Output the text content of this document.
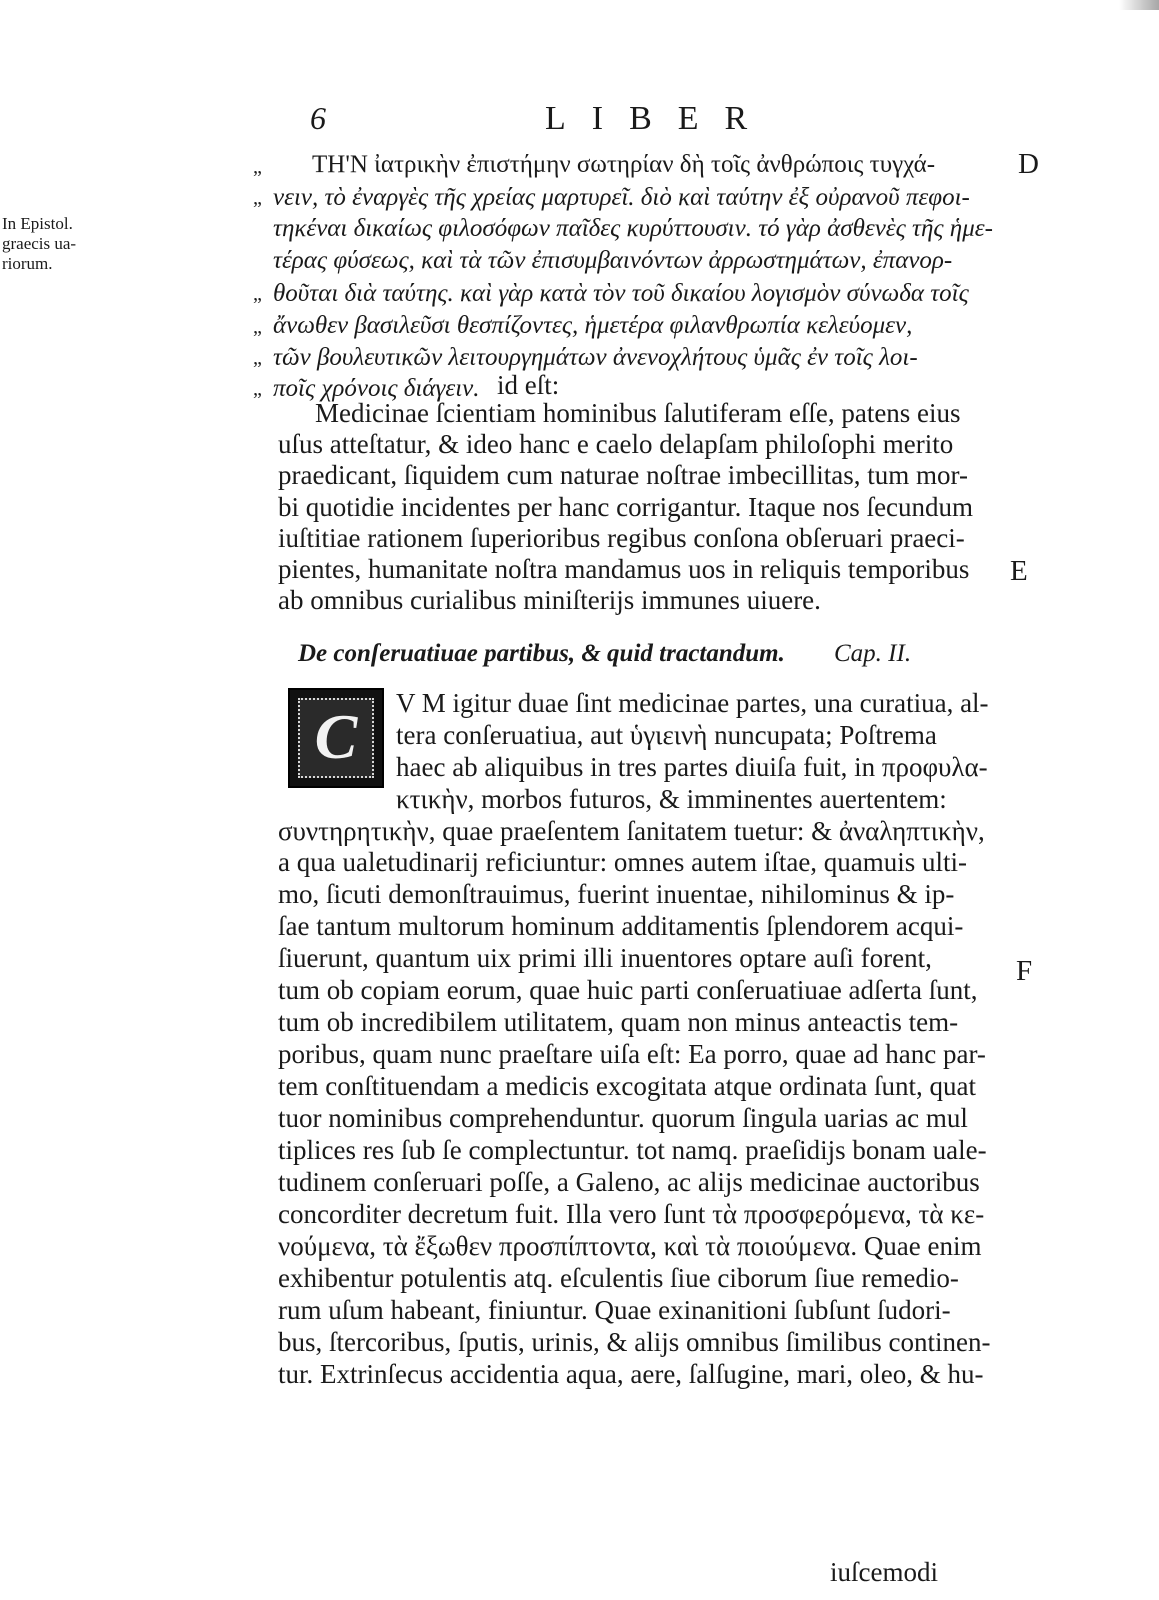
6	LIBER
ΤΗ'Ν ἰατρικὴν ἐπιστήμην σωτηρίαν δὴ τοῖς ἀνθρώποις τυγχά-
νειν, τὸ ἐναργὲς τῆς χρείας μαρτυρεῖ. διὸ καὶ ταύτην ἐξ οὐρανοῦ πεφοι-
τηκέναι δικαίως φιλοσόφων παῖδες κυρύττουσιν. τό γὰρ ἀσθενὲς τῆς ἡμε-
τέρας φύσεως, καὶ τὰ τῶν ἐπισυμβαινόντων ἀρρωστημάτων, ἐπανορ-
θοῦται διὰ ταύτης. καὶ γὰρ κατὰ τὸν τοῦ δικαίου λογισμὸν σύνωδα τοῖς
ἄνωθεν βασιλεῦσι θεσπίζοντες, ἡμετέρα φιλανθρωπία κελεύομεν,
τῶν βουλευτικῶν λειτουργημάτων ἀνενοχλήτους ὑμᾶς ἐν τοῖς λοι-
ποῖς χρόνοις διάγειν. id eſt:
„
„
„
„
„
„
In Epistol.
graecis ua-
riorum.
D
E
F
Medicinae ſcientiam hominibus ſalutiferam eſſe, patens eius
uſus atteſtatur, & ideo hanc e caelo delapſam philoſophi merito
praedicant, ſiquidem cum naturae noſtrae imbecillitas, tum mor-
bi quotidie incidentes per hanc corrigantur. Itaque nos ſecundum
iuſtitiae rationem ſuperioribus regibus conſona obſeruari praeci-
pientes, humanitate noſtra mandamus uos in reliquis temporibus
ab omnibus curialibus miniſterijs immunes uiuere.
De conſeruatiuae partibus, & quid tractandum. Cap. II.
C	V M igitur duae ſint medicinae partes, una curatiua, al-
tera conſeruatiua, aut ὑγιεινὴ nuncupata; Poſtrema
haec ab aliquibus in tres partes diuiſa fuit, in προφυλα-
κτικὴν, morbos futuros, & imminentes auertentem:
συντηρητικὴν, quae praeſentem ſanitatem tuetur: & ἀναληπτικὴν,
a qua ualetudinarij reficiuntur: omnes autem iſtae, quamuis ulti-
mo, ſicuti demonſtrauimus, fuerint inuentae, nihilominus & ip-
ſae tantum multorum hominum additamentis ſplendorem acqui-
ſiuerunt, quantum uix primi illi inuentores optare auſi forent,
tum ob copiam eorum, quae huic parti conſeruatiuae adſerta ſunt,
tum ob incredibilem utilitatem, quam non minus anteactis tem-
poribus, quam nunc praeſtare uiſa eſt: Ea porro, quae ad hanc par-
tem conſtituendam a medicis excogitata atque ordinata ſunt, quat
tuor nominibus comprehenduntur. quorum ſingula uarias ac mul
tiplices res ſub ſe complectuntur. tot namq. praeſidijs bonam uale-
tudinem conſeruari poſſe, a Galeno, ac alijs medicinae auctoribus
concorditer decretum fuit. Illa vero ſunt τὰ προσφερόμενα, τὰ κε-
νούμενα, τὰ ἔξωθεν προσπίπτοντα, καὶ τὰ ποιούμενα. Quae enim
exhibentur potulentis atq. eſculentis ſiue ciborum ſiue remedio-
rum uſum habeant, finiuntur. Quae exinanitioni ſubſunt ſudori-
bus, ſtercoribus, ſputis, urinis, & alijs omnibus ſimilibus continen-
tur. Extrinſecus accidentia aqua, aere, ſalſugine, mari, oleo, & hu-
iuſcemodi
